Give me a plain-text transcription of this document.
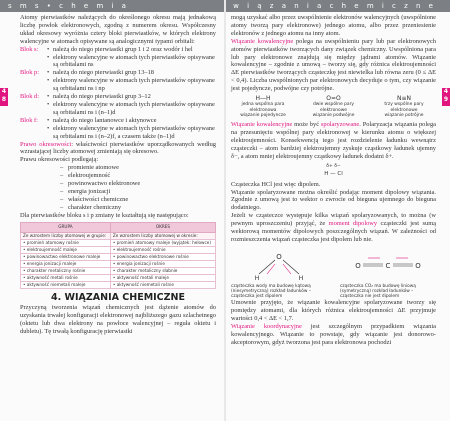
s m s • c h e m i a	w i ą z a n i a c h e m i c z n e
4
8
4
9

Atomy pierwiastków należących do określonego okresu mają jednakową liczbę powłok elektronowych, zgodną z numerem okresu. Współczesny układ okresowy wyróżnia cztery bloki pierwiastków, w których elektrony walencyjne w atomach opisywane są analogicznymi typami orbitali:

Blok s:	• należą do niego pierwiastki grup 1 i 2 oraz wodór i hel
• elektrony walencyjne w atomach tych pierwiastków opisywane są orbitalami ns
Blok p:	• należą do niego pierwiastki grup 13–18
• elektrony walencyjne w atomach tych pierwiastków opisywane są orbitalami ns i np
Blok d:	• należą do niego pierwiastki grup 3–12
• elektrony walencyjne w atomach tych pierwiastków opisywane są orbitalami ns i (n–1)d
Blok f:	• należą do niego lantanowce i aktynowce
• elektrony walencyjne w atomach tych pierwiastków opisywane są orbitalami ns i (n–2)f, a czasem także (n–1)d

Prawo okresowości: właściwości pierwiastków uporządkowanych według wzrastającej liczby atomowej zmieniają się okresowo.

Prawu okresowości podlegają:

– promienie atomowe
– elektroujemność
– powinowactwo elektronowe
– energia jonizacji
– właściwości chemiczne
– charakter chemiczny

Dla pierwiastków bloku s i p zmiany te kształtują się następująco:

GRUPA	OKRES
Ze wzrostem liczby atomowej w grupie:	Ze wzrostem liczby atomowej w okresie:
• promień atomowy rośnie	• promień atomowy maleje (wyjątek: helowce)
• elektroujemność maleje	• elektroujemność rośnie
• powinowactwo elektronowe maleje	• powinowactwo elektronowe rośnie
• energia jonizacji maleje	• energia jonizacji rośnie
• charakter metaliczny rośnie	• charakter metaliczny słabnie
• aktywność metali rośnie	• aktywność metali maleje
• aktywność niemetali maleje	• aktywność niemetali rośnie
4. WIĄZANIA CHEMICZNE

Przyczyną tworzenia wiązań chemicznych jest dążenie atomów do uzyskania trwałej konfiguracji elektronowej najbliższego gazu szlachetnego (oktetu lub dwa elektrony na powłoce walencyjnej – reguła oktetu i dubletu). Tę trwałą konfigurację pierwiastki

mogą uzyskać albo przez uwspólnienie elektronów walencyjnych (uwspólnione atomy tworzą pary elektronowe) jednego atomu, albo przez przeniesienie elektronów z jednego atomu na inny atom.

Wiązanie kowalencyjne polega na uwspólnieniu pary lub par elektronowych atomów pierwiastków tworzących dany związek chemiczny. Uwspólniona para lub pary elektronowe znajdują się między jądrami atomów. Wiązanie kowalencyjne – zgodnie z umową – tworzy się, gdy różnica elektroujemności ΔE pierwiastków tworzących cząsteczkę jest niewielka lub równa zeru (0 ≤ ΔE < 0,4). Liczba uwspólnionych par elektronowych decyduje o tym, czy wiązanie jest pojedyncze, podwójne czy potrójne.

H—H
jedna wspólna para
elektronowa
wiązanie pojedyncze
O=O
dwie wspólne pary
elektronowe
wiązanie podwójne
N≡N
trzy wspólne pary
elektronowe
wiązanie potrójne

Wiązanie kowalencyjne może być spolaryzowane. Polaryzacja wiązania polega na przesunięciu wspólnej pary elektronowej w kierunku atomu o większej elektroujemności. Konsekwencją tego jest rozdzielenie ładunku wewnątrz cząsteczki – atom bardziej elektroujemny zyskuje cząstkowy ładunek ujemny δ−, a atom mniej elektroujemny cząstkowy ładunek dodatni δ+.

δ+ δ−
H — Cl

Cząsteczka HCl jest więc dipolem.

Wiązanie spolaryzowane można określić podając moment dipolowy wiązania. Zgodnie z umową jest to wektor o zwrocie od bieguna ujemnego do bieguna dodatniego.

Jeżeli w cząsteczce występuje kilka wiązań spolaryzowanych, to można (w pewnym uproszczeniu) przyjąć, że moment dipolowy cząsteczki jest sumą wektorową momentów dipolowych poszczególnych wiązań. W zależności od rozmieszczenia wiązań cząsteczka jest dipolem lub nie.

O
H	H
O	C	O
cząsteczka wody ma budowę kątową (niesymetryczną) rozkład ładunków – cząsteczka jest dipolem
cząsteczka CO₂ ma budowę liniową (symetryczną) rozkład ładunków – cząsteczka nie jest dipolem

Umownie przyjęto, że wiązanie kowalencyjne spolaryzowane tworzy się pomiędzy atomami, dla których różnica elektroujemności ΔE przyjmuje wartości 0,4 < ΔE < 1,7.

Wiązanie koordynacyjne jest szczególnym przypadkiem wiązania kowalencyjnego. Wiązanie to powstaje, gdy wiązanie jest donorowo-akceptorowym, gdyż tworzona jest para elektronowa pochodzi
